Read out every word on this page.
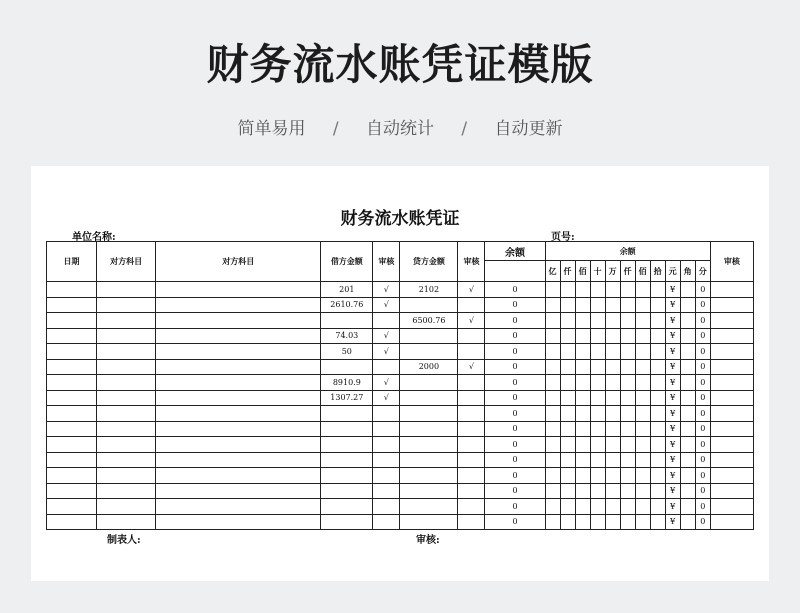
财务流水账凭证模版
简单易用 / 自动统计 / 自动更新
财务流水账凭证
单位名称:	页号:
日期	对方科目	对方科目	借方金额	审核	贷方金额	审核	余额	余额											审核
								亿	仟	佰	十	万	仟	佰	拾	元	角	分	
			201	√	2102	√	0									¥		0	
			2610.76	√			0									¥		0	
					6500.76	√	0									¥		0	
			74.03	√			0									¥		0	
			50	√			0									¥		0	
					2000	√	0									¥		0	
			8910.9	√			0									¥		0	
			1307.27	√			0									¥		0	
							0									¥		0	
							0									¥		0	
							0									¥		0	
							0									¥		0	
							0									¥		0	
							0									¥		0	
							0									¥		0	
							0									¥		0	
制表人:	审核:
